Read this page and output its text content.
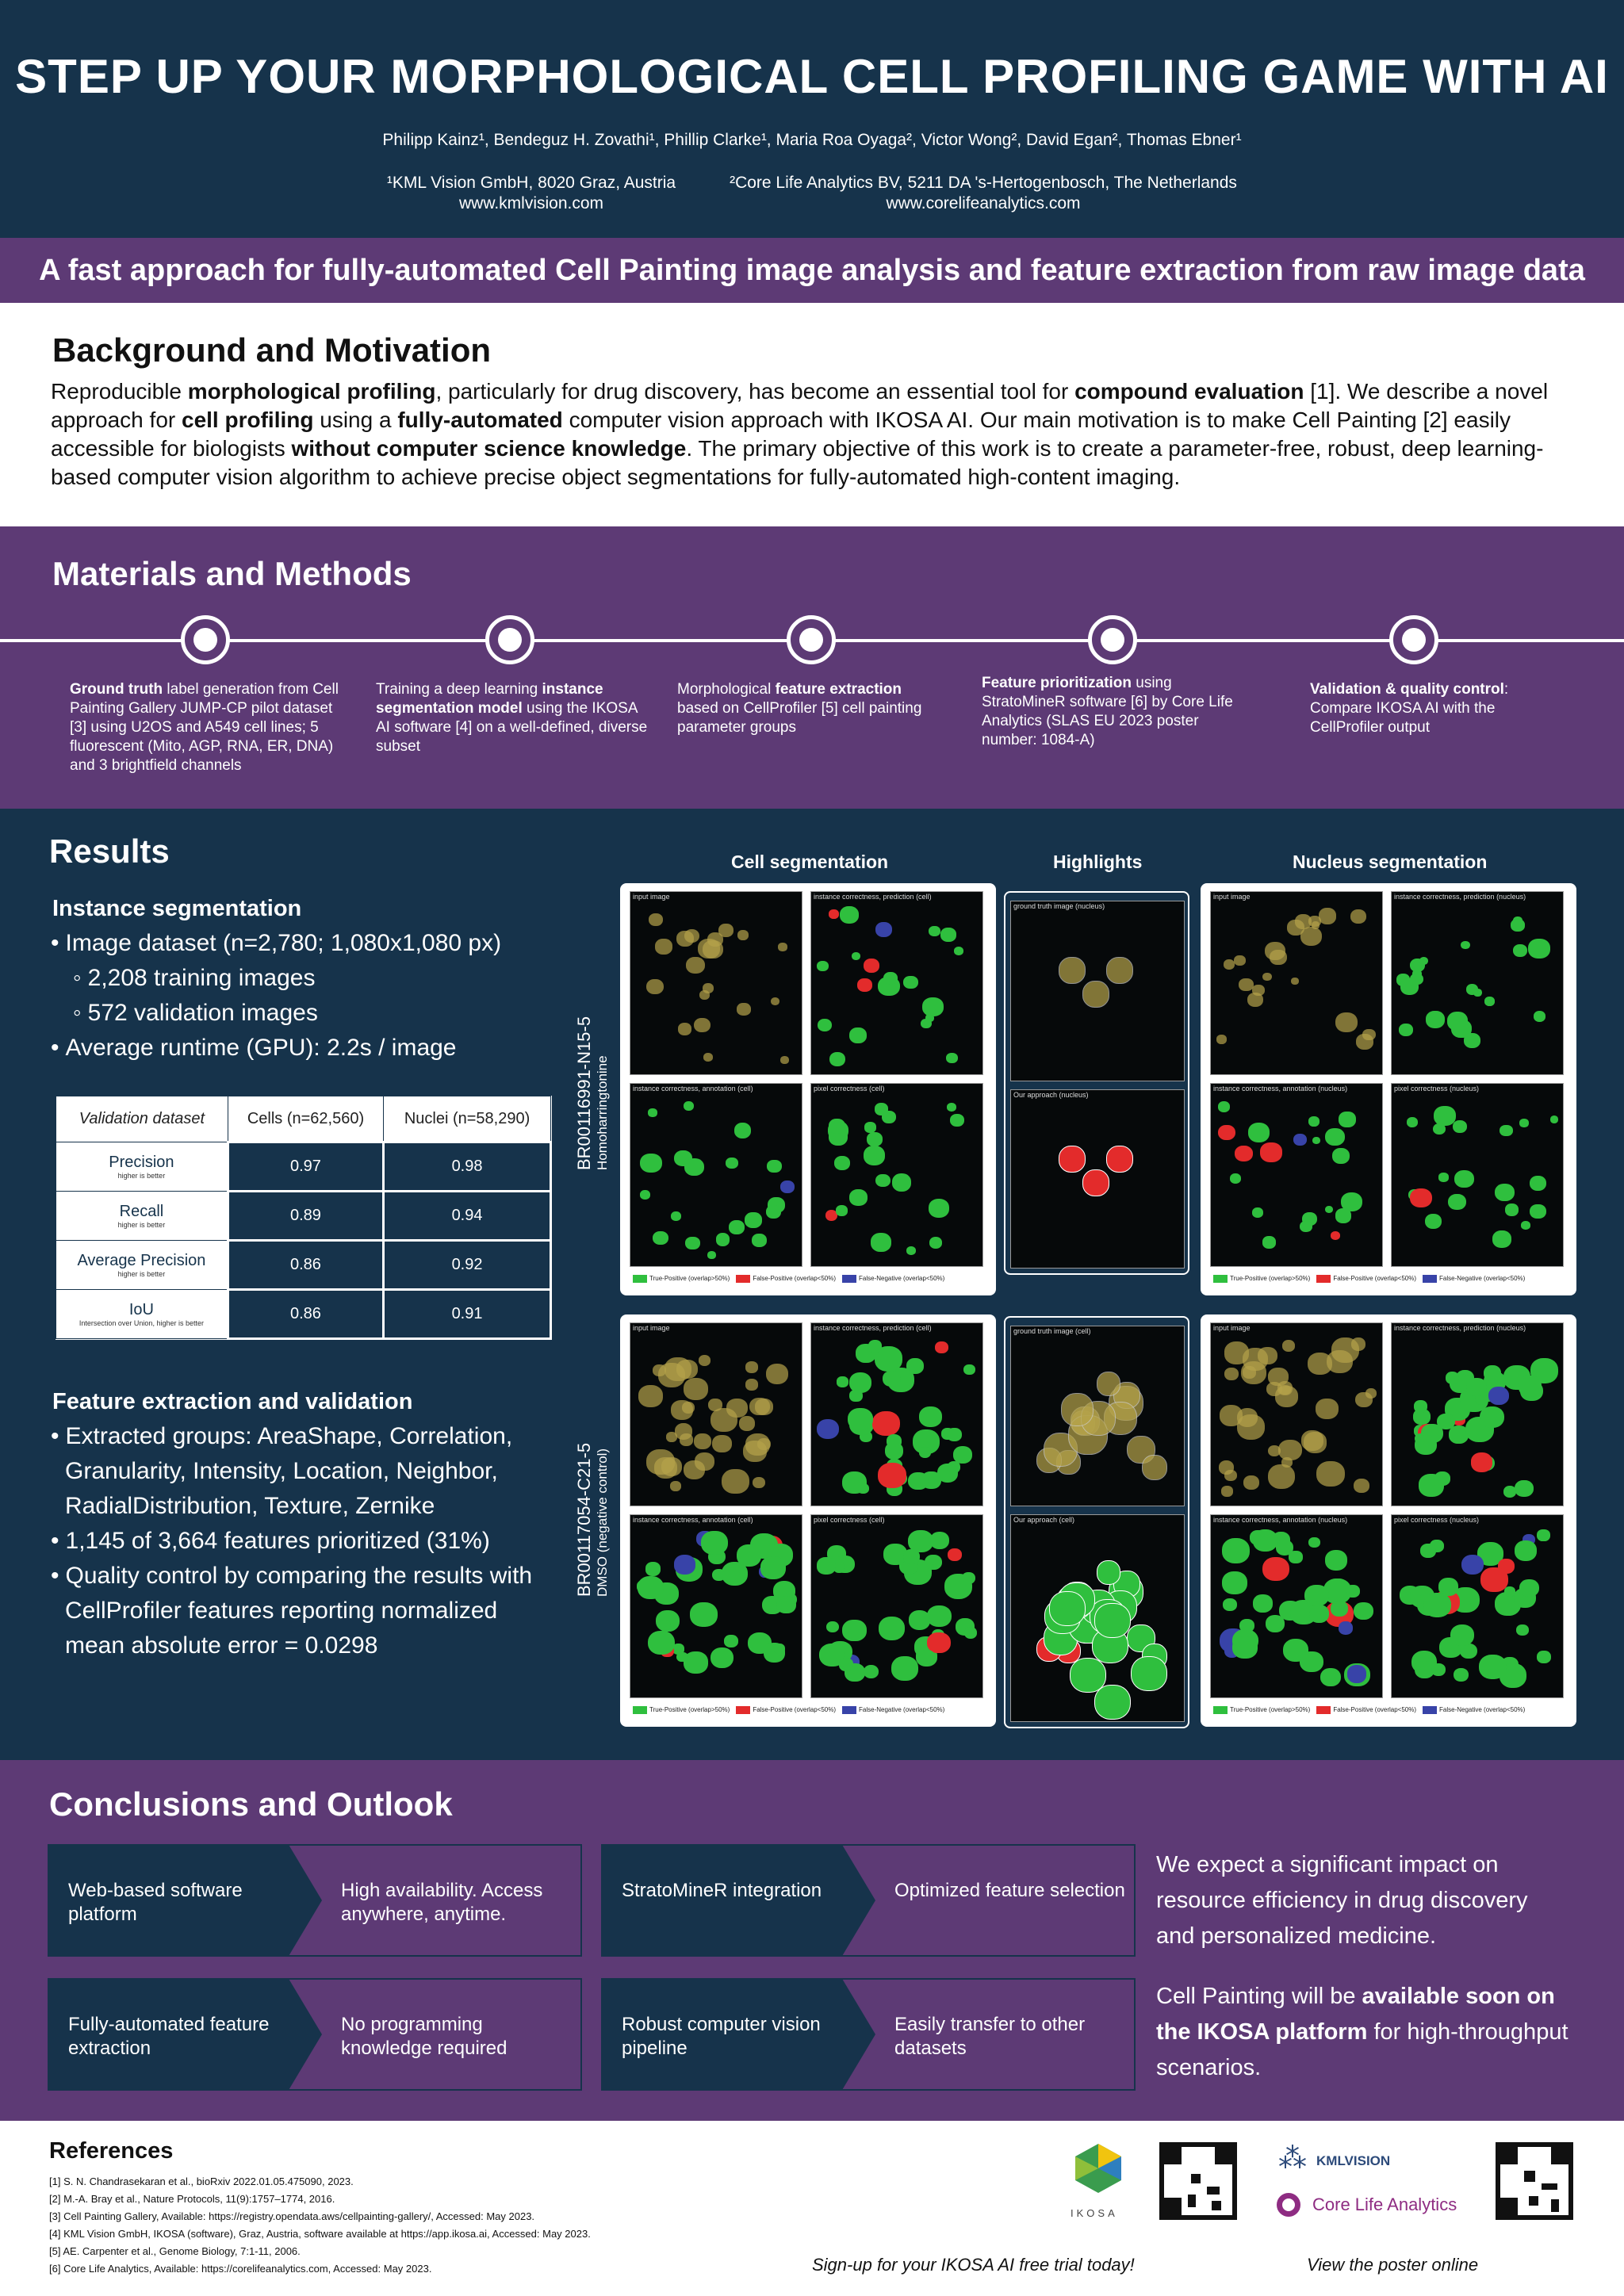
STEP UP YOUR MORPHOLOGICAL CELL PROFILING GAME WITH AI
Philipp Kainz¹, Bendeguz H. Zovathi¹, Phillip Clarke¹, Maria Roa Oyaga², Victor Wong², David Egan², Thomas Ebner¹
¹KML Vision GmbH, 8020 Graz, Austria
www.kmlvision.com
²Core Life Analytics BV, 5211 DA 's-Hertogenbosch, The Netherlands
www.corelifeanalytics.com
A fast approach for fully-automated Cell Painting image analysis and feature extraction from raw image data
Background and Motivation

Reproducible morphological profiling, particularly for drug discovery, has become an essential tool for compound evaluation [1]. We describe a novel approach for cell profiling using a fully-automated computer vision approach with IKOSA AI. Our main motivation is to make Cell Painting [2] easily accessible for biologists without computer science knowledge. The primary objective of this work is to create a parameter-free, robust, deep learning-based computer vision algorithm to achieve precise object segmentations for fully-automated high-content imaging.

Materials and Methods
Ground truth label generation from Cell Painting Gallery JUMP-CP pilot dataset [3] using U2OS and A549 cell lines; 5 fluorescent (Mito, AGP, RNA, ER, DNA) and 3 brightfield channels
Training a deep learning instance segmentation model using the IKOSA AI software [4] on a well-defined, diverse subset
Morphological feature extraction based on CellProfiler [5] cell painting parameter groups
Feature prioritization using StratoMineR software [6] by Core Life Analytics (SLAS EU 2023 poster number: 1084-A)
Validation & quality control: Compare IKOSA AI with the CellProfiler output
Results
Instance segmentation
• Image dataset (n=2,780; 1,080x1,080 px)
◦ 2,208 training images
◦ 572 validation images
• Average runtime (GPU): 2.2s / image
Feature extraction and validation
• Extracted groups: AreaShape, Correlation, Granularity, Intensity, Location, Neighbor, RadialDistribution, Texture, Zernike
• 1,145 of 3,664 features prioritized (31%)
• Quality control by comparing the results with CellProfiler features reporting normalized mean absolute error = 0.0298
Validation dataset	Cells (n=62,560)	Nuclei (n=58,290)

Precision
higher is better	0.97	0.98

Recall
higher is better	0.89	0.94

Average Precision
higher is better	0.86	0.92

IoU
Intersection over Union, higher is better	0.86	0.91
Cell segmentation	Highlights	Nucleus segmentation
BR00116991-N15-5 Homoharringtonine
BR00117054-C21-5 DMSO (negative control)
input image	instance correctness, prediction (cell)
instance correctness, annotation (cell)	pixel correctness (cell)
True-Positive (overlap>50%)	False-Positive (overlap<50%)	False-Negative (overlap<50%)
input image	instance correctness, prediction (nucleus)
instance correctness, annotation (nucleus)	pixel correctness (nucleus)
True-Positive (overlap>50%)	False-Positive (overlap<50%)	False-Negative (overlap<50%)
input image	instance correctness, prediction (cell)
instance correctness, annotation (cell)	pixel correctness (cell)
True-Positive (overlap>50%)	False-Positive (overlap<50%)	False-Negative (overlap<50%)
input image	instance correctness, prediction (nucleus)
instance correctness, annotation (nucleus)	pixel correctness (nucleus)
True-Positive (overlap>50%)	False-Positive (overlap<50%)	False-Negative (overlap<50%)
ground truth image (nucleus)
Our approach (nucleus)
ground truth image (cell)
Our approach (cell)
Conclusions and Outlook
Web-based software platform
High availability. Access anywhere, anytime.
StratoMineR integration	Optimized feature selection
Fully-automated feature extraction
No programming knowledge required
Robust computer vision pipeline
Easily transfer to other datasets
We expect a significant impact on resource efficiency in drug discovery and personalized medicine.
Cell Painting will be available soon on the IKOSA platform for high-throughput scenarios.
References
[1] S. N. Chandrasekaran et al., bioRxiv 2022.01.05.475090, 2023.
[2] M.-A. Bray et al., Nature Protocols, 11(9):1757–1774, 2016.
[3] Cell Painting Gallery, Available: https://registry.opendata.aws/cellpainting-gallery/, Accessed: May 2023.
[4] KML Vision GmbH, IKOSA (software), Graz, Austria, software available at https://app.ikosa.ai, Accessed: May 2023.
[5] AE. Carpenter et al., Genome Biology, 7:1-11, 2006.
[6] Core Life Analytics, Available: https://corelifeanalytics.com, Accessed: May 2023.
IKOSA
⁂ KMLVISION
Core Life Analytics
Sign-up for your IKOSA AI free trial today!	View the poster online
